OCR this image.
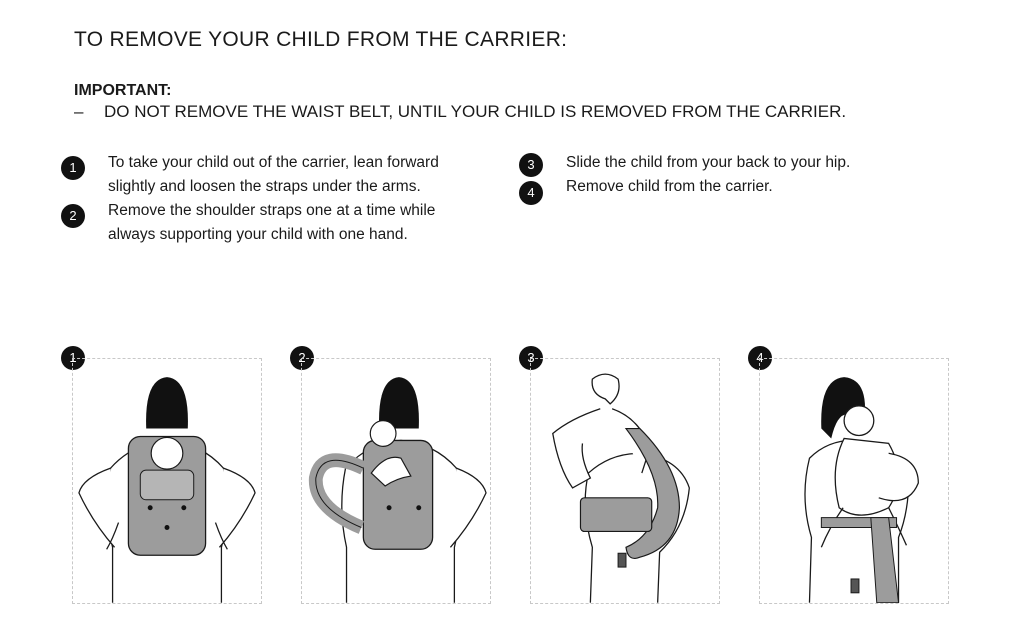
TO REMOVE YOUR CHILD FROM THE CARRIER:
IMPORTANT:
– DO NOT REMOVE THE WAIST BELT, UNTIL YOUR CHILD IS REMOVED FROM THE CARRIER.
1	To take your child out of the carrier, lean forward
slightly and loosen the straps under the arms.
2	Remove the shoulder straps one at a time while
always supporting your child with one hand.
3	Slide the child from your back to your hip.
4	Remove child from the carrier.
1	2	3	4
